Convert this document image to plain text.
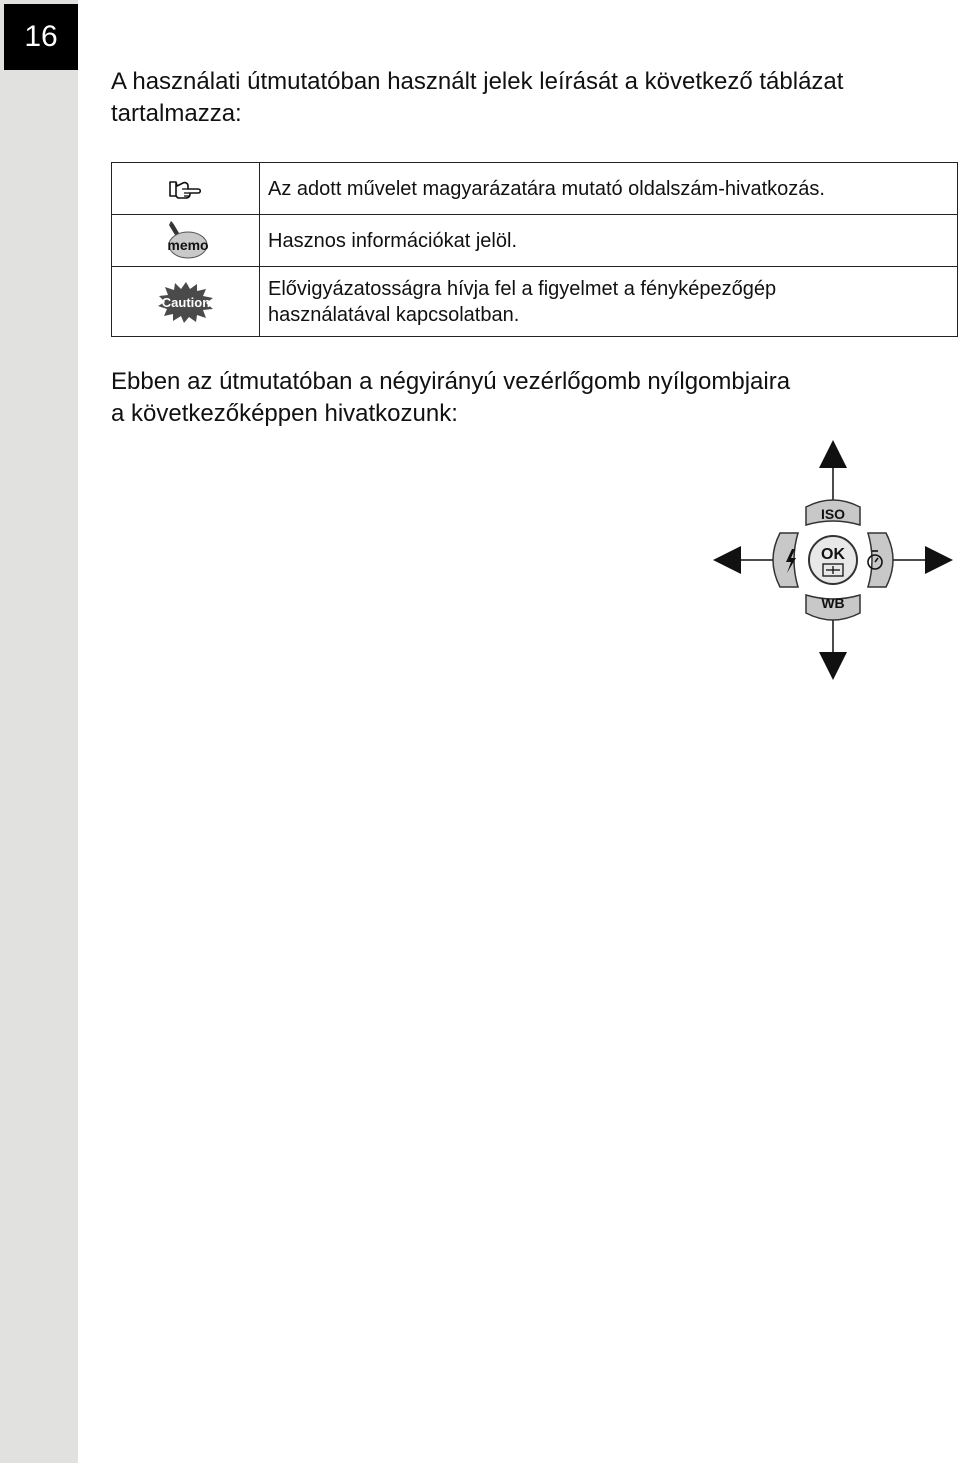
16

A használati útmutatóban használt jelek leírását a következő táblázat
tartalmazza:

	Az adott művelet magyarázatára mutató oldalszám-hivatkozás.

memo	Hasznos információkat jelöl.

Caution	Elővigyázatosságra hívja fel a figyelmet a fényképezőgép
használatával kapcsolatban.

Ebben az útmutatóban a négyirányú vezérlőgomb nyílgombjaira
a következőképpen hivatkozunk:

OK
ISO
WB
